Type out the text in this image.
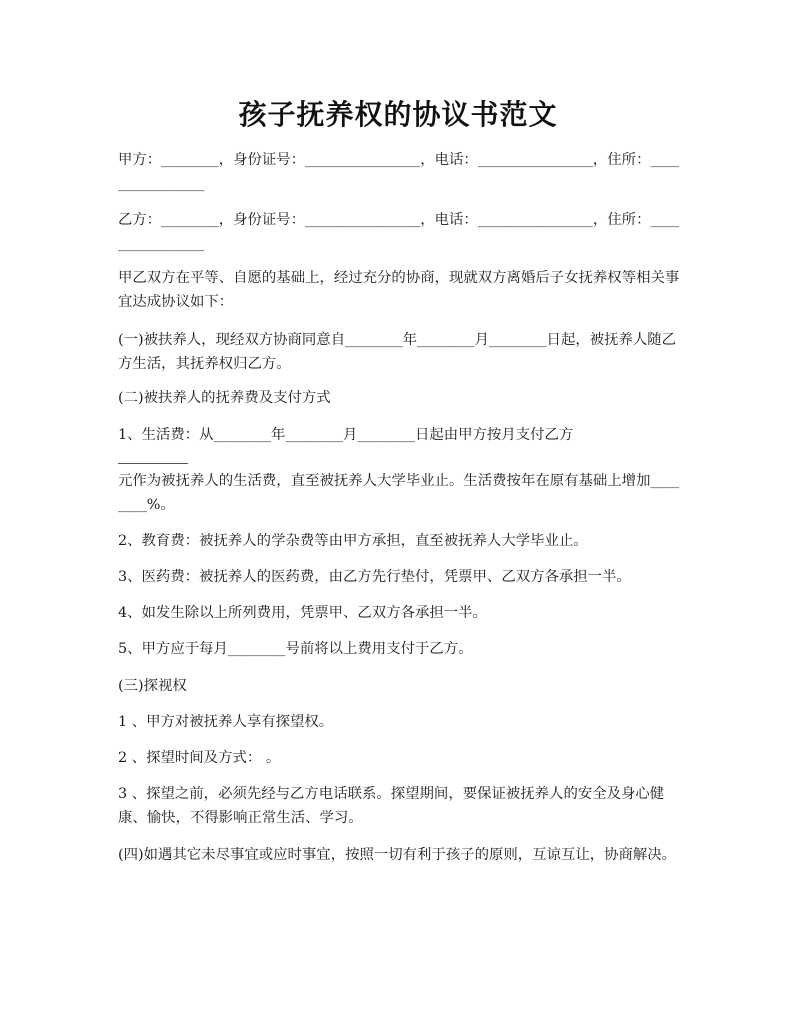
孩子抚养权的协议书范文

甲方：________，身份证号：________________，电话：________________，住所：________________

乙方：________，身份证号：________________，电话：________________，住所：________________

甲乙双方在平等、自愿的基础上，经过充分的协商，现就双方离婚后子女抚养权等相关事宜达成协议如下：

(一)被扶养人，现经双方协商同意自________年________月________日起，被抚养人随乙方生活，其抚养权归乙方。

(二)被扶养人的抚养费及支付方式

1、生活费：从________年________月________日起由甲方按月支付乙方

元作为被抚养人的生活费，直至被抚养人大学毕业止。生活费按年在原有基础上增加________%。

2、教育费：被抚养人的学杂费等由甲方承担，直至被抚养人大学毕业止。

3、医药费：被抚养人的医药费，由乙方先行垫付，凭票甲、乙双方各承担一半。

4、如发生除以上所列费用，凭票甲、乙双方各承担一半。

5、甲方应于每月________号前将以上费用支付于乙方。

(三)探视权

1 、甲方对被抚养人享有探望权。

2 、探望时间及方式： 。

3 、探望之前，必须先经与乙方电话联系。探望期间，要保证被抚养人的安全及身心健康、愉快，不得影响正常生活、学习。

(四)如遇其它未尽事宜或应时事宜，按照一切有利于孩子的原则，互谅互让，协商解决。
